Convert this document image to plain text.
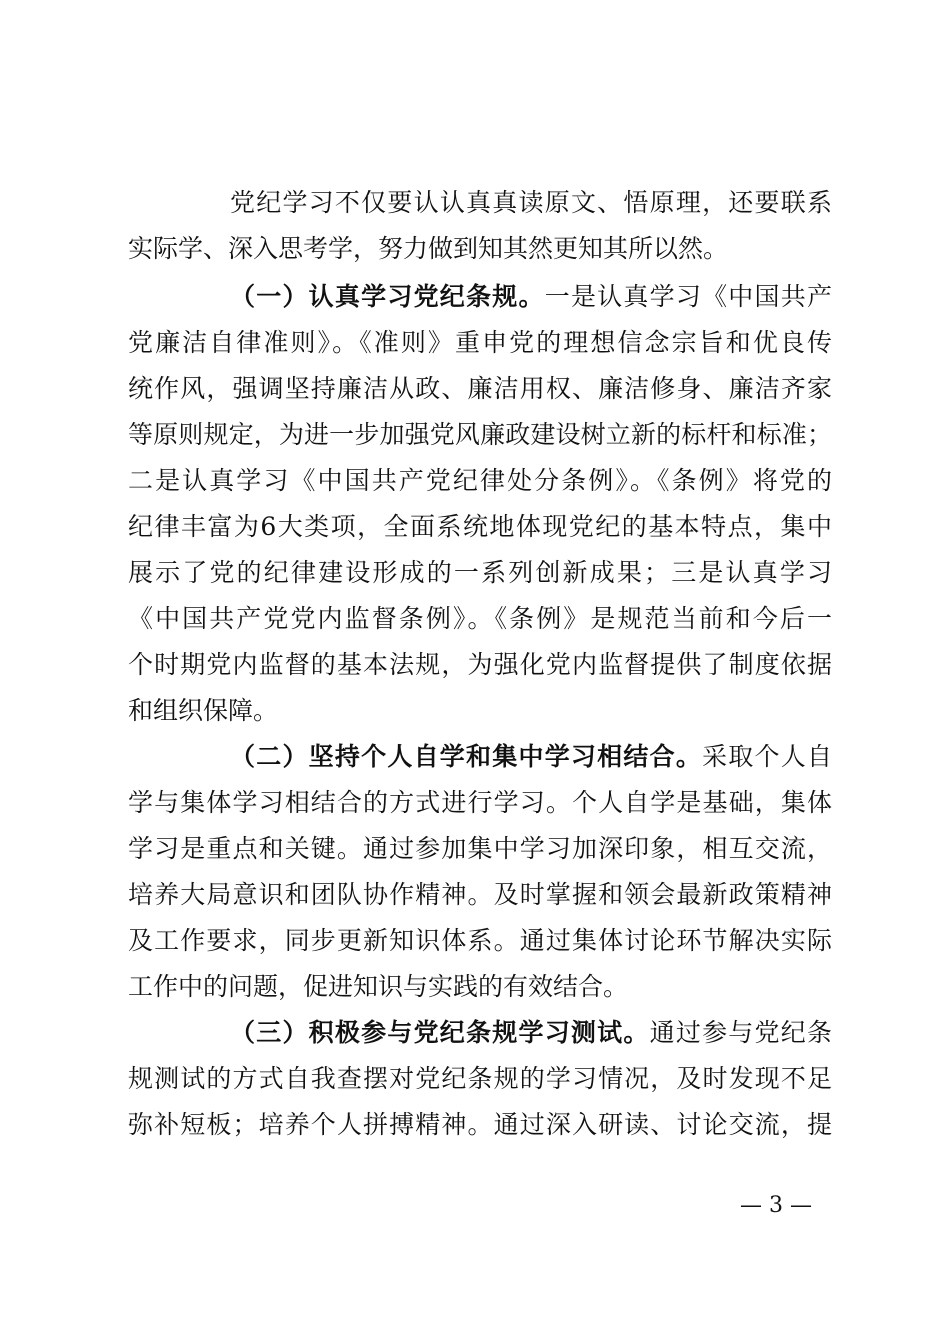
党纪学习不仅要认认真真读原文、悟原理，还要联系
实际学、深入思考学，努力做到知其然更知其所以然。
（一）认真学习党纪条规。一是认真学习《中国共产
党廉洁自律准则》。《准则》重申党的理想信念宗旨和优良传
统作风，强调坚持廉洁从政、廉洁用权、廉洁修身、廉洁齐家
等原则规定，为进一步加强党风廉政建设树立新的标杆和标准；
二是认真学习《中国共产党纪律处分条例》。《条例》将党的
纪律丰富为6大类项，全面系统地体现党纪的基本特点，集中
展示了党的纪律建设形成的一系列创新成果；三是认真学习
《中国共产党党内监督条例》。《条例》是规范当前和今后一
个时期党内监督的基本法规，为强化党内监督提供了制度依据
和组织保障。
（二）坚持个人自学和集中学习相结合。采取个人自
学与集体学习相结合的方式进行学习。个人自学是基础，集体
学习是重点和关键。通过参加集中学习加深印象，相互交流，
培养大局意识和团队协作精神。及时掌握和领会最新政策精神
及工作要求，同步更新知识体系。通过集体讨论环节解决实际
工作中的问题，促进知识与实践的有效结合。
（三）积极参与党纪条规学习测试。通过参与党纪条
规测试的方式自我查摆对党纪条规的学习情况，及时发现不足
弥补短板；培养个人拼搏精神。通过深入研读、讨论交流，提
— 3 —
